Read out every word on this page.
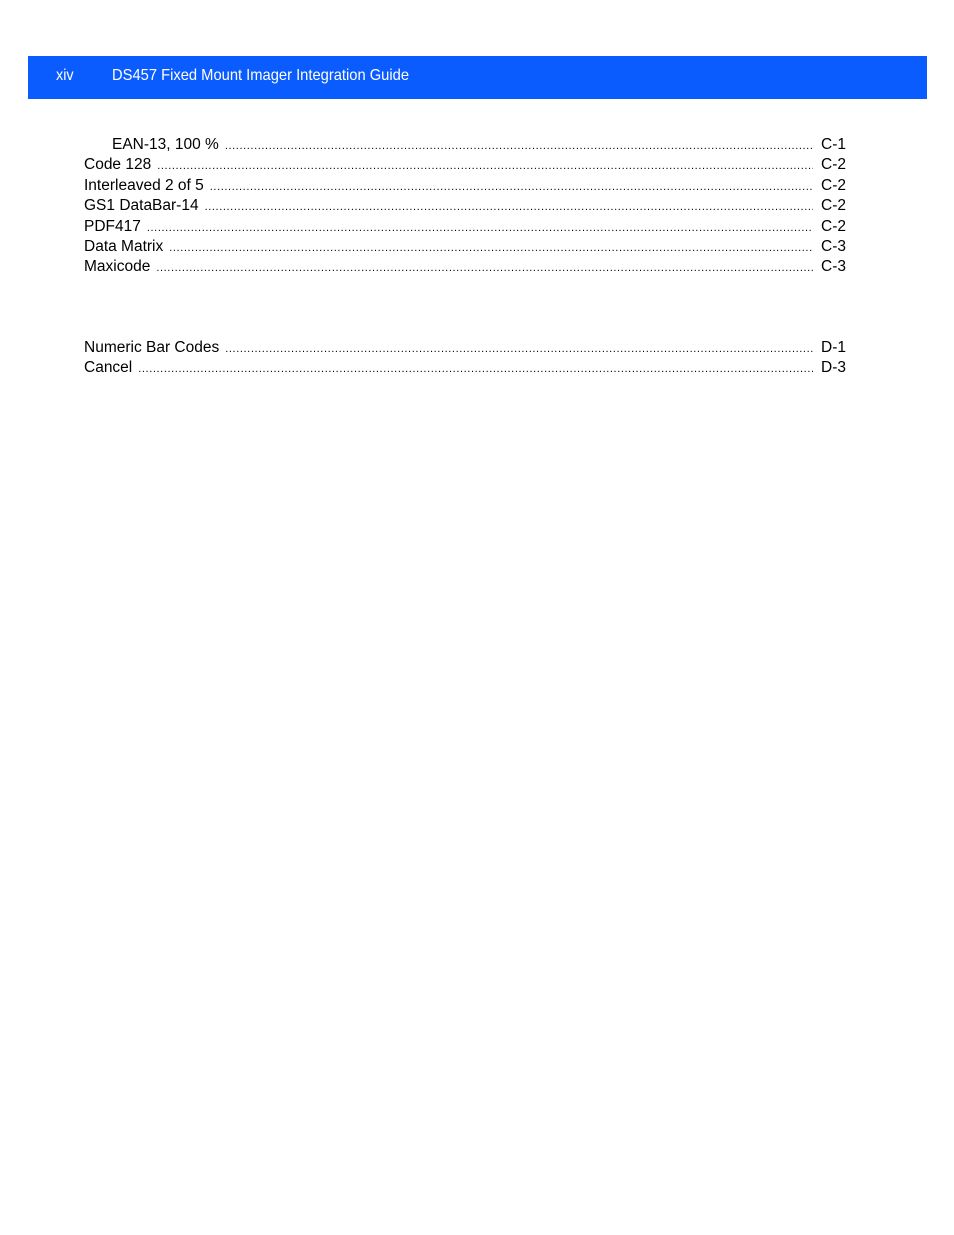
xiv DS457 Fixed Mount Imager Integration Guide
EAN-13, 100 % .....	C-1
Code 128 .....	C-2
Interleaved 2 of 5 .....	C-2
GS1 DataBar-14 .....	C-2
PDF417 .....	C-2
Data Matrix .....	C-3
Maxicode .....	C-3
Numeric Bar Codes .....	D-1
Cancel .....	D-3
